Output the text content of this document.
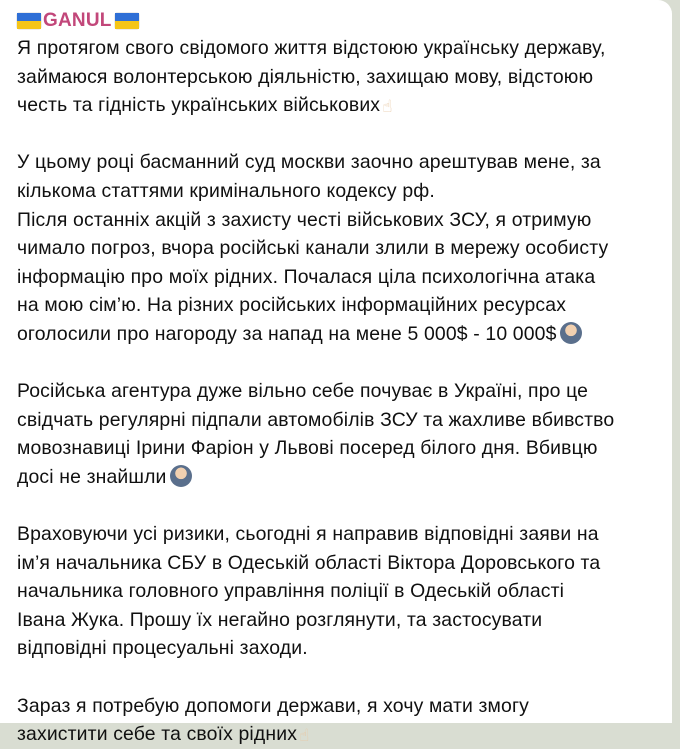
GANUL

Я протягом свого свідомого життя відстоюю українську державу,
займаюся волонтерською діяльністю, захищаю мову, відстоюю
честь та гідність українських військових ☝

У цьому році басманний суд москви заочно арештував мене, за
кількома статтями кримінального кодексу рф.
Після останніх акцій з захисту честі військових ЗСУ, я отримую
чимало погроз, вчора російські канали злили в мережу особисту
інформацію про моїх рідних. Почалася ціла психологічна атака
на мою сім’ю. На різних російських інформаційних ресурсах
оголосили про нагороду за напад на мене 5 000$ - 10 000$

Російська агентура дуже вільно себе почуває в Україні, про це
свідчать регулярні підпали автомобілів ЗСУ та жахливе вбивство
мовознавиці Ірини Фаріон у Львові посеред білого дня. Вбивцю
досі не знайшли

Враховуючи усі ризики, сьогодні я направив відповідні заяви на
ім’я начальника СБУ в Одеській області Віктора Доровського та
начальника головного управління поліції в Одеській області
Івана Жука. Прошу їх негайно розглянути, та застосувати
відповідні процесуальні заходи.

Зараз я потребую допомоги держави, я хочу мати змогу
захистити себе та своїх рідних ☝
